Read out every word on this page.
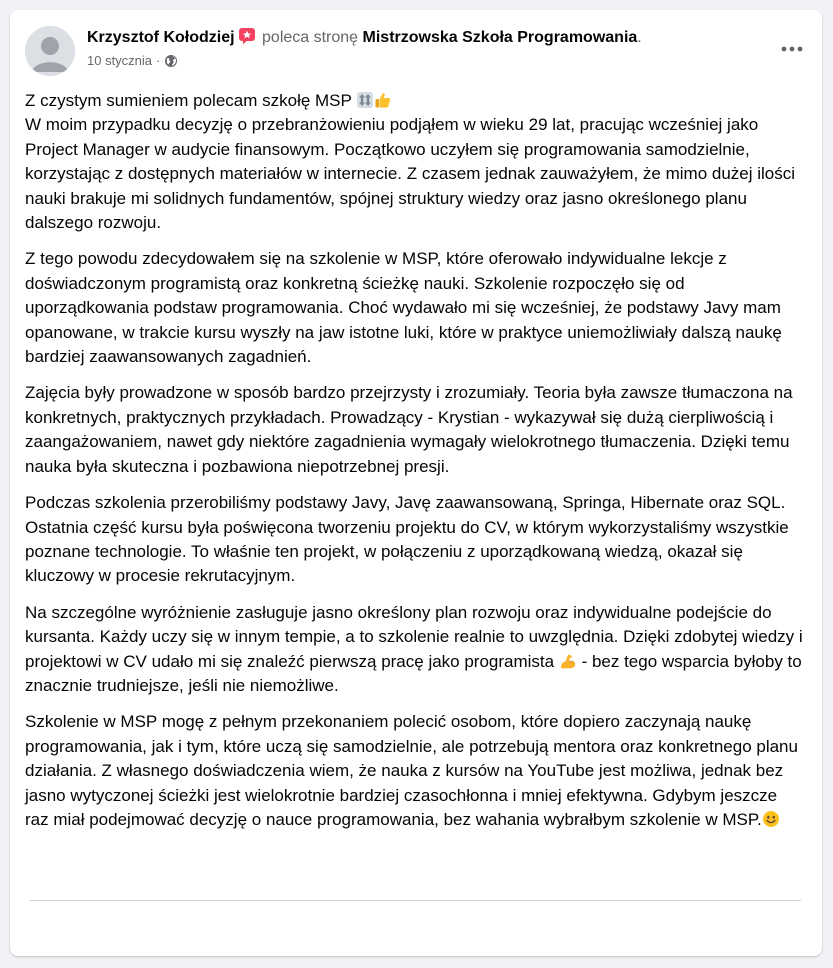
Krzysztof Kołodziej poleca stronę Mistrzowska Szkoła Programowania.
10 stycznia ·

Z czystym sumieniem polecam szkołę MSP
W moim przypadku decyzję o przebranżowieniu podjąłem w wieku 29 lat, pracując wcześniej jako Project Manager w audycie finansowym. Początkowo uczyłem się programowania samodzielnie, korzystając z dostępnych materiałów w internecie. Z czasem jednak zauważyłem, że mimo dużej ilości nauki brakuje mi solidnych fundamentów, spójnej struktury wiedzy oraz jasno określonego planu dalszego rozwoju.

Z tego powodu zdecydowałem się na szkolenie w MSP, które oferowało indywidualne lekcje z doświadczonym programistą oraz konkretną ścieżkę nauki. Szkolenie rozpoczęło się od uporządkowania podstaw programowania. Choć wydawało mi się wcześniej, że podstawy Javy mam opanowane, w trakcie kursu wyszły na jaw istotne luki, które w praktyce uniemożliwiały dalszą naukę bardziej zaawansowanych zagadnień.

Zajęcia były prowadzone w sposób bardzo przejrzysty i zrozumiały. Teoria była zawsze tłumaczona na konkretnych, praktycznych przykładach. Prowadzący - Krystian - wykazywał się dużą cierpliwością i zaangażowaniem, nawet gdy niektóre zagadnienia wymagały wielokrotnego tłumaczenia. Dzięki temu nauka była skuteczna i pozbawiona niepotrzebnej presji.

Podczas szkolenia przerobiliśmy podstawy Javy, Javę zaawansowaną, Springa, Hibernate oraz SQL. Ostatnia część kursu była poświęcona tworzeniu projektu do CV, w którym wykorzystaliśmy wszystkie poznane technologie. To właśnie ten projekt, w połączeniu z uporządkowaną wiedzą, okazał się kluczowy w procesie rekrutacyjnym.

Na szczególne wyróżnienie zasługuje jasno określony plan rozwoju oraz indywidualne podejście do kursanta. Każdy uczy się w innym tempie, a to szkolenie realnie to uwzględnia. Dzięki zdobytej wiedzy i projektowi w CV udało mi się znaleźć pierwszą pracę jako programista  - bez tego wsparcia byłoby to znacznie trudniejsze, jeśli nie niemożliwe.

Szkolenie w MSP mogę z pełnym przekonaniem polecić osobom, które dopiero zaczynają naukę programowania, jak i tym, które uczą się samodzielnie, ale potrzebują mentora oraz konkretnego planu działania. Z własnego doświadczenia wiem, że nauka z kursów na YouTube jest możliwa, jednak bez jasno wytyczonej ścieżki jest wielokrotnie bardziej czasochłonna i mniej efektywna. Gdybym jeszcze raz miał podejmować decyzję o nauce programowania, bez wahania wybrałbym szkolenie w MSP.
